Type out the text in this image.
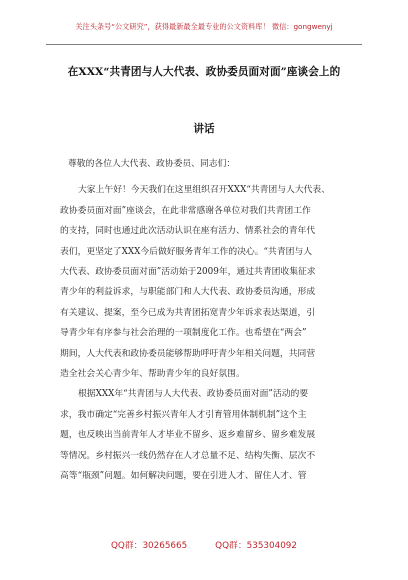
关注头条号“公文研究”，获得最新最全最专业的公文资料库！ 微信：gongwenyj
在XXX“共青团与人大代表、政协委员面对面”座谈会上的
讲话

尊敬的各位人大代表、政协委员、同志们：

大家上午好！今天我们在这里组织召开XXX“共青团与人大代表、
政协委员面对面”座谈会，在此非常感谢各单位对我们共青团工作
的支持，同时也通过此次活动认识在座有活力、情系社会的青年代
表们，更坚定了XXX今后做好服务青年工作的决心。“共青团与人
大代表、政协委员面对面”活动始于2009年，通过共青团收集征求
青少年的利益诉求，与职能部门和人大代表、政协委员沟通，形成
有关建议、提案，至今已成为共青团拓宽青少年诉求表达渠道，引
导青少年有序参与社会治理的一项制度化工作。也希望在“两会”
期间，人大代表和政协委员能够帮助呼吁青少年相关问题，共同营
造全社会关心青少年、帮助青少年的良好氛围。

根据XXX年“共青团与人大代表、政协委员面对面”活动的要
求，我市确定“完善乡村振兴青年人才引育管用体制机制”这个主
题，也反映出当前青年人才毕业不留乡、返乡难留乡、留乡难发展
等情况。乡村振兴一线仍然存在人才总量不足、结构失衡、层次不
高等“瓶颈”问题。如何解决问题，要在引进人才、留住人才、管

QQ群：30265665          QQ群：535304092
